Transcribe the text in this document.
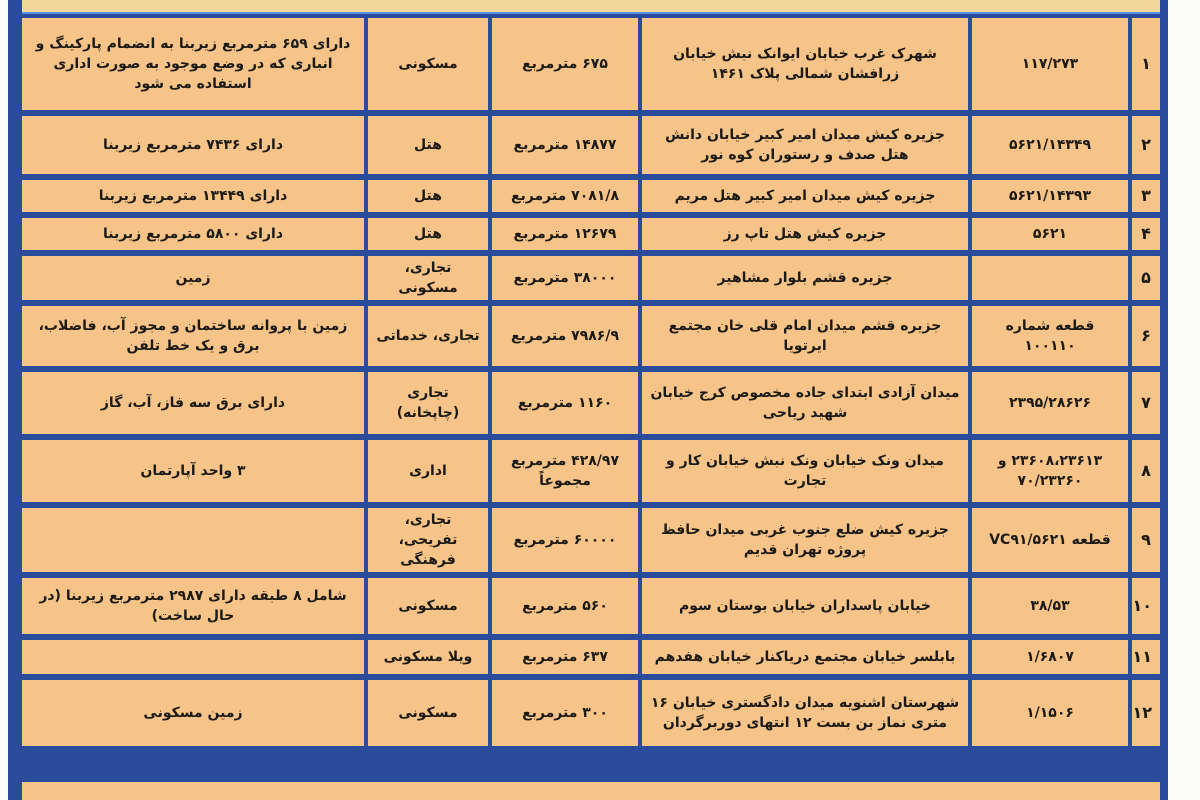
۱	۱۱۷/۲۷۳	شهرک غرب خیابان ایوانک نبش خیابان زرافشان شمالی پلاک ۱۴۶۱	۶۷۵ مترمربع	مسکونی	دارای ۶۵۹ مترمربع زیربنا به انضمام پارکینگ و انباری که در وضع موجود به صورت اداری استفاده می شود
۲	۵۶۲۱/۱۴۳۴۹	جزیره کیش میدان امیر کبیر خیابان دانش هتل صدف و رستوران کوه نور	۱۴۸۷۷ مترمربع	هتل	دارای ۷۴۳۶ مترمربع زیربنا
۳	۵۶۲۱/۱۴۳۹۳	جزیره کیش میدان امیر کبیر هتل مریم	۷۰۸۱/۸ مترمربع	هتل	دارای ۱۳۴۴۹ مترمربع زیربنا
۴	۵۶۲۱	جزیره کیش هتل تاپ رز	۱۲۶۷۹ مترمربع	هتل	دارای ۵۸۰۰ مترمربع زیربنا
۵		جزیره قشم بلوار مشاهیر	۳۸۰۰۰ مترمربع	تجاری، مسکونی	زمین
۶	قطعه شماره ۱۰۰۱۱۰	جزیره قشم میدان امام قلی خان مجتمع ایرتویا	۷۹۸۶/۹ مترمربع	تجاری، خدماتی	زمین با پروانه ساختمان و مجوز آب، فاضلاب، برق و یک خط تلفن
۷	۲۳۹۵/۲۸۶۲۶	میدان آزادی ابتدای جاده مخصوص کرج خیابان شهید ریاحی	۱۱۶۰ مترمربع	تجاری (چاپخانه)	دارای برق سه فاز، آب، گاز
۸	۲۳۶۰۸،۲۳۶۱۳ و ۷۰/۲۳۲۶۰	میدان ونک خیابان ونک نبش خیابان کار و تجارت	۴۲۸/۹۷ مترمربع مجموعاً	اداری	۳ واحد آپارتمان
۹	قطعه ۵۶۲۱/VC۹۱	جزیره کیش ضلع جنوب غربی میدان حافظ پروژه تهران قدیم	۶۰۰۰۰ مترمربع	تجاری، تفریحی، فرهنگی	
۱۰	۳۸/۵۳	خیابان پاسداران خیابان بوستان سوم	۵۶۰ مترمربع	مسکونی	شامل ۸ طبقه دارای ۲۹۸۷ مترمربع زیربنا (در حال ساخت)
۱۱	۱/۶۸۰۷	بابلسر خیابان مجتمع دریاکنار خیابان هفدهم	۶۳۷ مترمربع	ویلا مسکونی	
۱۲	۱/۱۵۰۶	شهرستان اشنویه میدان دادگستری خیابان ۱۶ متری نماز بن بست ۱۲ انتهای دوربرگردان	۳۰۰ مترمربع	مسکونی	زمین مسکونی
